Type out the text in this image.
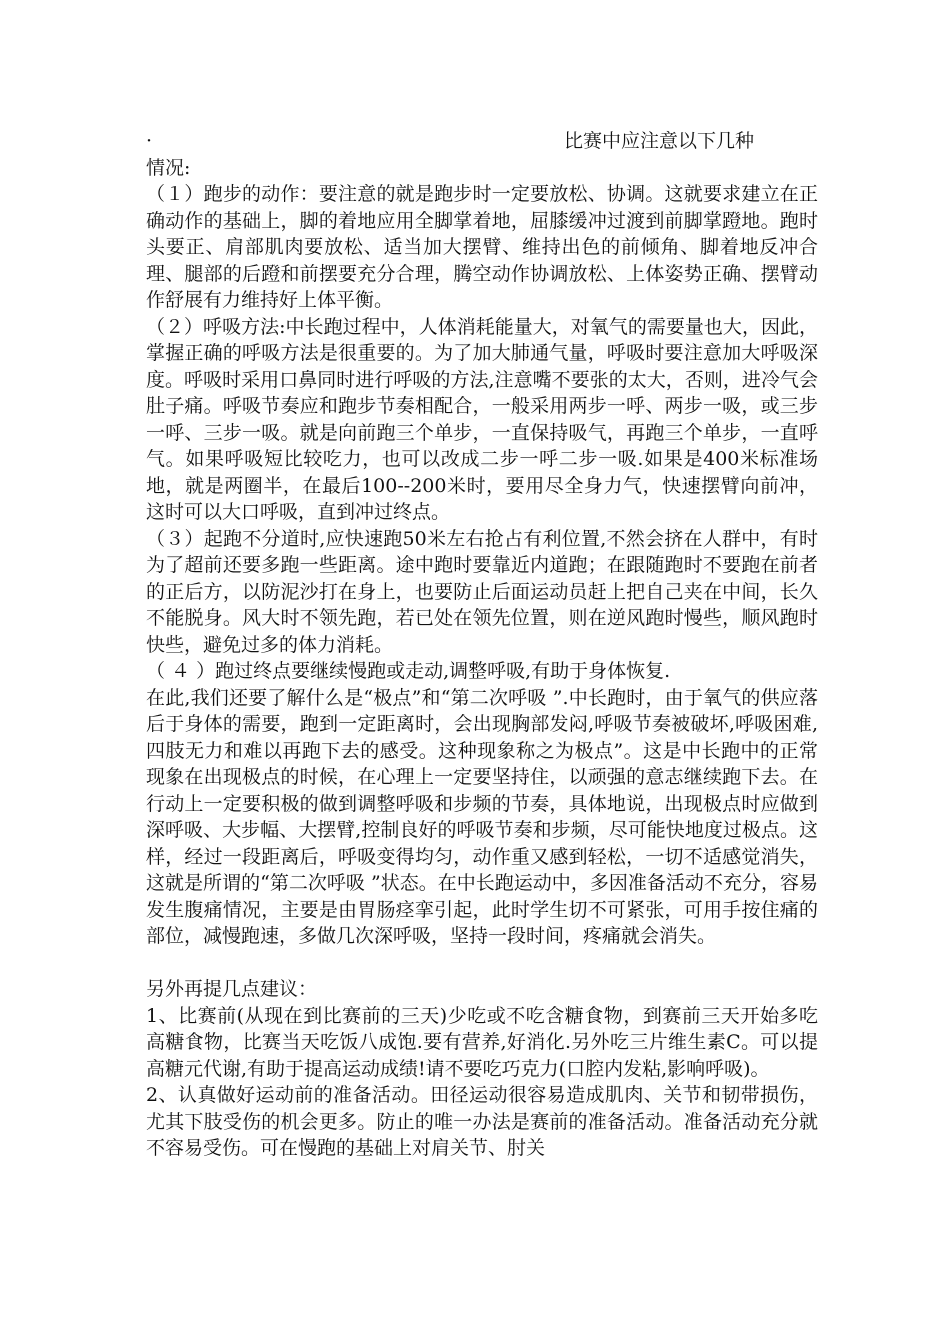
·	比赛中应注意以下几种

情况:

（１）跑步的动作：要注意的就是跑步时一定要放松、协调。这就要求建立在正确动作的基础上，脚的着地应用全脚掌着地，屈膝缓冲过渡到前脚掌蹬地。跑时头要正、肩部肌肉要放松、适当加大摆臂、维持出色的前倾角、脚着地反冲合理、腿部的后蹬和前摆要充分合理，腾空动作协调放松、上体姿势正确、摆臂动作舒展有力维持好上体平衡。

（２）呼吸方法:中长跑过程中，人体消耗能量大，对氧气的需要量也大，因此，掌握正确的呼吸方法是很重要的。为了加大肺通气量，呼吸时要注意加大呼吸深度。呼吸时采用口鼻同时进行呼吸的方法,注意嘴不要张的太大，否则，进冷气会肚子痛。呼吸节奏应和跑步节奏相配合，一般采用两步一呼、两步一吸，或三步一呼、三步一吸。就是向前跑三个单步，一直保持吸气，再跑三个单步，一直呼气。如果呼吸短比较吃力，也可以改成二步一呼二步一吸.如果是400米标准场地，就是两圈半，在最后100--200米时，要用尽全身力气，快速摆臂向前冲，这时可以大口呼吸，直到冲过终点。

（３）起跑不分道时,应快速跑50米左右抢占有利位置,不然会挤在人群中，有时为了超前还要多跑一些距离。途中跑时要靠近内道跑；在跟随跑时不要跑在前者的正后方，以防泥沙打在身上，也要防止后面运动员赶上把自己夹在中间，长久不能脱身。风大时不领先跑，若已处在领先位置，则在逆风跑时慢些，顺风跑时快些，避免过多的体力消耗。

（ ４ ）跑过终点要继续慢跑或走动,调整呼吸,有助于身体恢复.

在此,我们还要了解什么是“极点”和“第二次呼吸 ”.中长跑时，由于氧气的供应落后于身体的需要，跑到一定距离时，会出现胸部发闷,呼吸节奏被破坏,呼吸困难,四肢无力和难以再跑下去的感受。这种现象称之为极点”。这是中长跑中的正常现象在出现极点的时候，在心理上一定要坚持住，以顽强的意志继续跑下去。在行动上一定要积极的做到调整呼吸和步频的节奏，具体地说，出现极点时应做到深呼吸、大步幅、大摆臂,控制良好的呼吸节奏和步频，尽可能快地度过极点。这样，经过一段距离后，呼吸变得均匀，动作重又感到轻松，一切不适感觉消失，这就是所谓的“第二次呼吸 ”状态。在中长跑运动中，多因准备活动不充分，容易发生腹痛情况，主要是由胃肠痉挛引起，此时学生切不可紧张，可用手按住痛的部位，减慢跑速，多做几次深呼吸，坚持一段时间，疼痛就会消失。

另外再提几点建议：

1、比赛前(从现在到比赛前的三天)少吃或不吃含糖食物，到赛前三天开始多吃高糖食物，比赛当天吃饭八成饱.要有营养,好消化.另外吃三片维生素C。可以提高糖元代谢,有助于提高运动成绩!请不要吃巧克力(口腔内发粘,影响呼吸)。

2、认真做好运动前的准备活动。田径运动很容易造成肌肉、关节和韧带损伤，尤其下肢受伤的机会更多。防止的唯一办法是赛前的准备活动。准备活动充分就不容易受伤。可在慢跑的基础上对肩关节、肘关
